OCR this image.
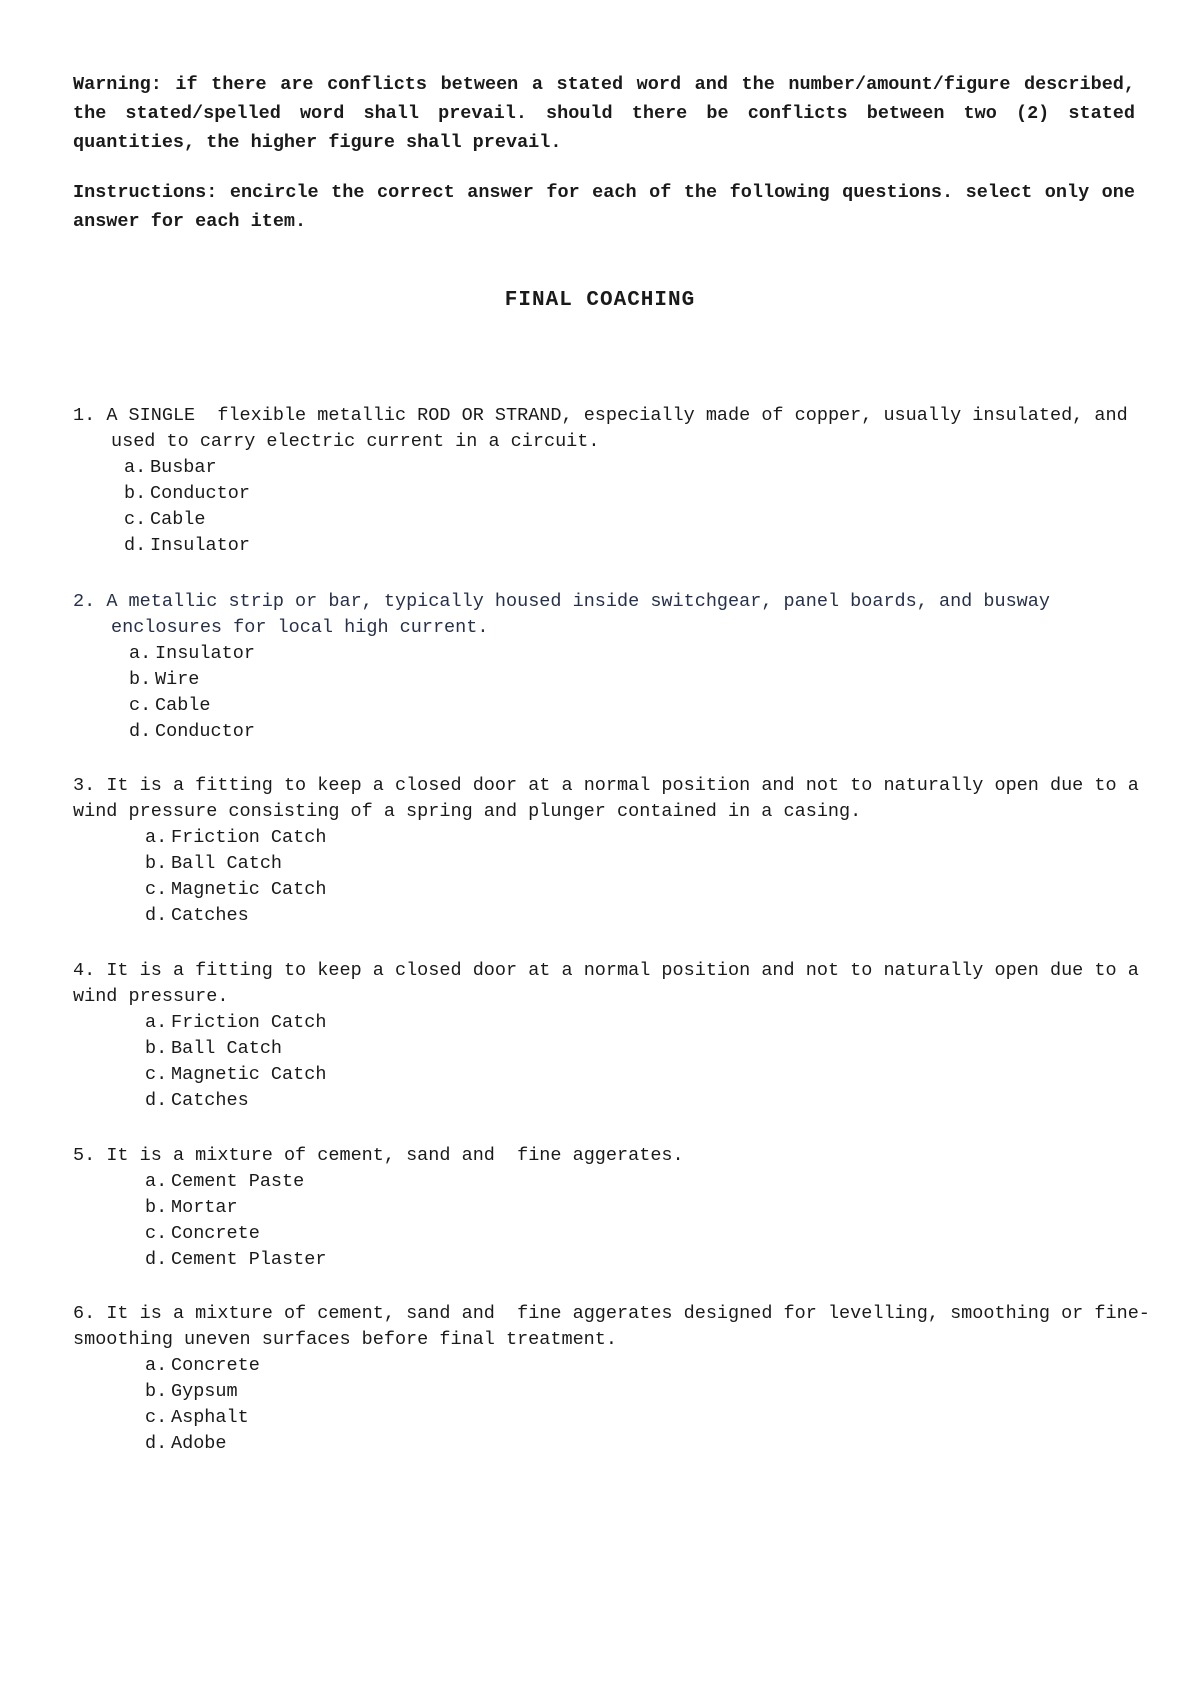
Warning: if there are conflicts between a stated word and the number/amount/figure described, the stated/spelled word shall prevail. should there be conflicts between two (2) stated quantities, the higher figure shall prevail.

Instructions: encircle the correct answer for each of the following questions. select only one answer for each item.

FINAL COACHING

1. A SINGLE  flexible metallic ROD OR STRAND, especially made of copper, usually insulated, and used to carry electric current in a circuit.

a. Busbar
b. Conductor
c. Cable
d. Insulator

2. A metallic strip or bar, typically housed inside switchgear, panel boards, and busway enclosures for local high current.

a. Insulator
b. Wire
c. Cable
d. Conductor

3. It is a fitting to keep a closed door at a normal position and not to naturally open due to a wind pressure consisting of a spring and plunger contained in a casing.

a. Friction Catch
b. Ball Catch
c. Magnetic Catch
d. Catches

4. It is a fitting to keep a closed door at a normal position and not to naturally open due to a wind pressure.

a. Friction Catch
b. Ball Catch
c. Magnetic Catch
d. Catches

5. It is a mixture of cement, sand and  fine aggerates.

a. Cement Paste
b. Mortar
c. Concrete
d. Cement Plaster

6. It is a mixture of cement, sand and  fine aggerates designed for levelling, smoothing or fine-smoothing uneven surfaces before final treatment.

a. Concrete
b. Gypsum
c. Asphalt
d. Adobe
